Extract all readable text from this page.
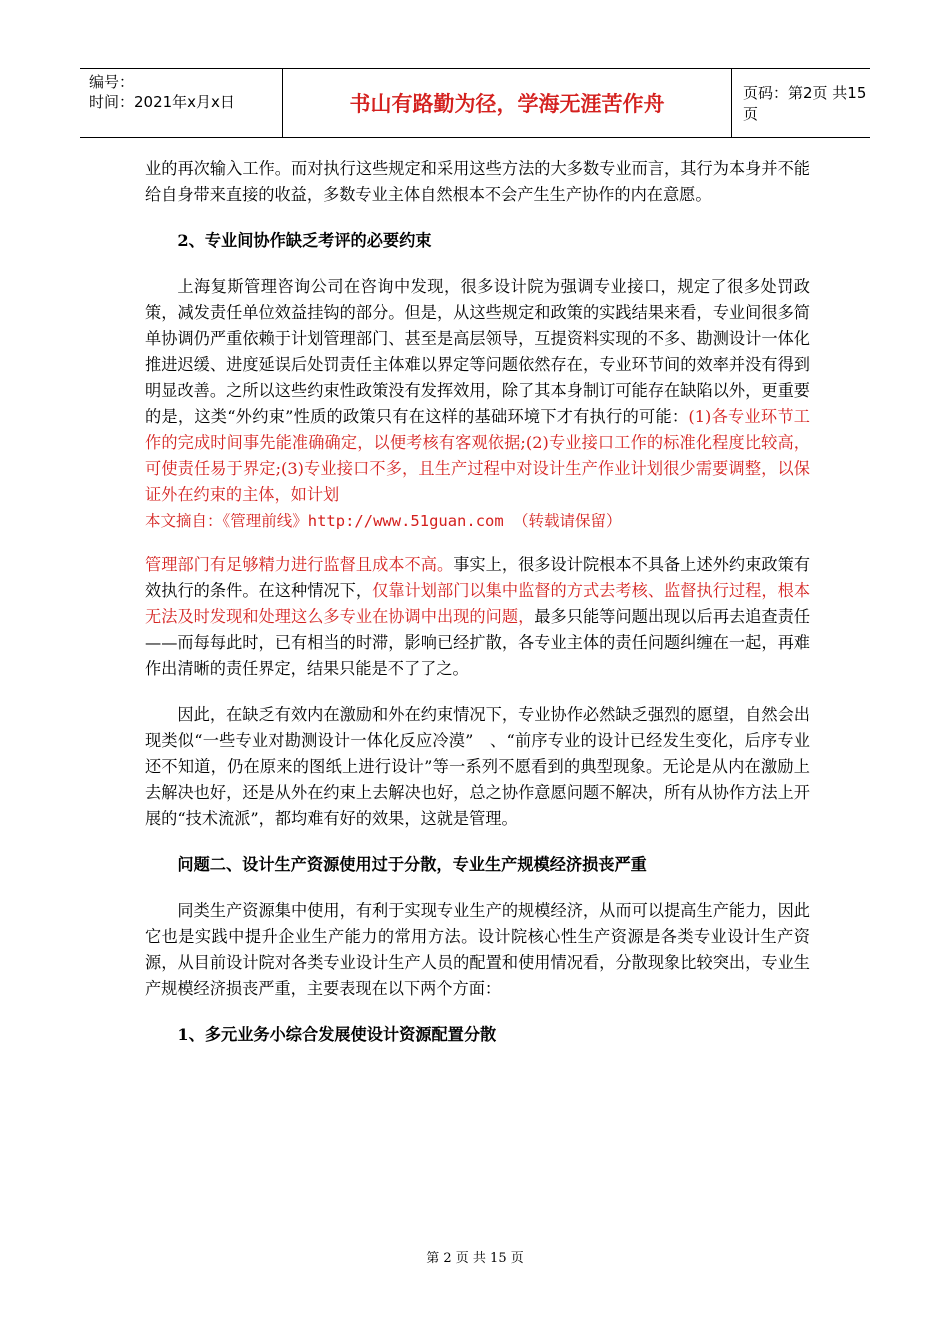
编号：
时间：2021年x月x日	书山有路勤为径，学海无涯苦作舟	页码：第2页 共15页

业的再次输入工作。而对执行这些规定和采用这些方法的大多数专业而言，其行为本身并不能给自身带来直接的收益，多数专业主体自然根本不会产生生产协作的内在意愿。

2、专业间协作缺乏考评的必要约束

上海复斯管理咨询公司在咨询中发现，很多设计院为强调专业接口，规定了很多处罚政策，减发责任单位效益挂钩的部分。但是，从这些规定和政策的实践结果来看，专业间很多简单协调仍严重依赖于计划管理部门、甚至是高层领导，互提资料实现的不多、勘测设计一体化推进迟缓、进度延误后处罚责任主体难以界定等问题依然存在，专业环节间的效率并没有得到明显改善。之所以这些约束性政策没有发挥效用，除了其本身制订可能存在缺陷以外，更重要的是，这类“外约束”性质的政策只有在这样的基础环境下才有执行的可能：(1)各专业环节工作的完成时间事先能准确确定，以便考核有客观依据;(2)专业接口工作的标准化程度比较高，可使责任易于界定;(3)专业接口不多，且生产过程中对设计生产作业计划很少需要调整，以保证外在约束的主体，如计划

本文摘自：《管理前线》http://www.51guan.com （转载请保留）

管理部门有足够精力进行监督且成本不高。事实上，很多设计院根本不具备上述外约束政策有效执行的条件。在这种情况下，仅靠计划部门以集中监督的方式去考核、监督执行过程，根本无法及时发现和处理这么多专业在协调中出现的问题，最多只能等问题出现以后再去追查责任——而每每此时，已有相当的时滞，影响已经扩散，各专业主体的责任问题纠缠在一起，再难作出清晰的责任界定，结果只能是不了了之。

因此，在缺乏有效内在激励和外在约束情况下，专业协作必然缺乏强烈的愿望，自然会出现类似“一些专业对勘测设计一体化反应冷漠”　、“前序专业的设计已经发生变化，后序专业还不知道，仍在原来的图纸上进行设计”等一系列不愿看到的典型现象。无论是从内在激励上去解决也好，还是从外在约束上去解决也好，总之协作意愿问题不解决，所有从协作方法上开展的“技术流派”，都均难有好的效果，这就是管理。

问题二、设计生产资源使用过于分散，专业生产规模经济损丧严重

同类生产资源集中使用，有利于实现专业生产的规模经济，从而可以提高生产能力，因此它也是实践中提升企业生产能力的常用方法。设计院核心性生产资源是各类专业设计生产资源，从目前设计院对各类专业设计生产人员的配置和使用情况看，分散现象比较突出，专业生产规模经济损丧严重，主要表现在以下两个方面：

1、多元业务小综合发展使设计资源配置分散

第 2 页 共 15 页
